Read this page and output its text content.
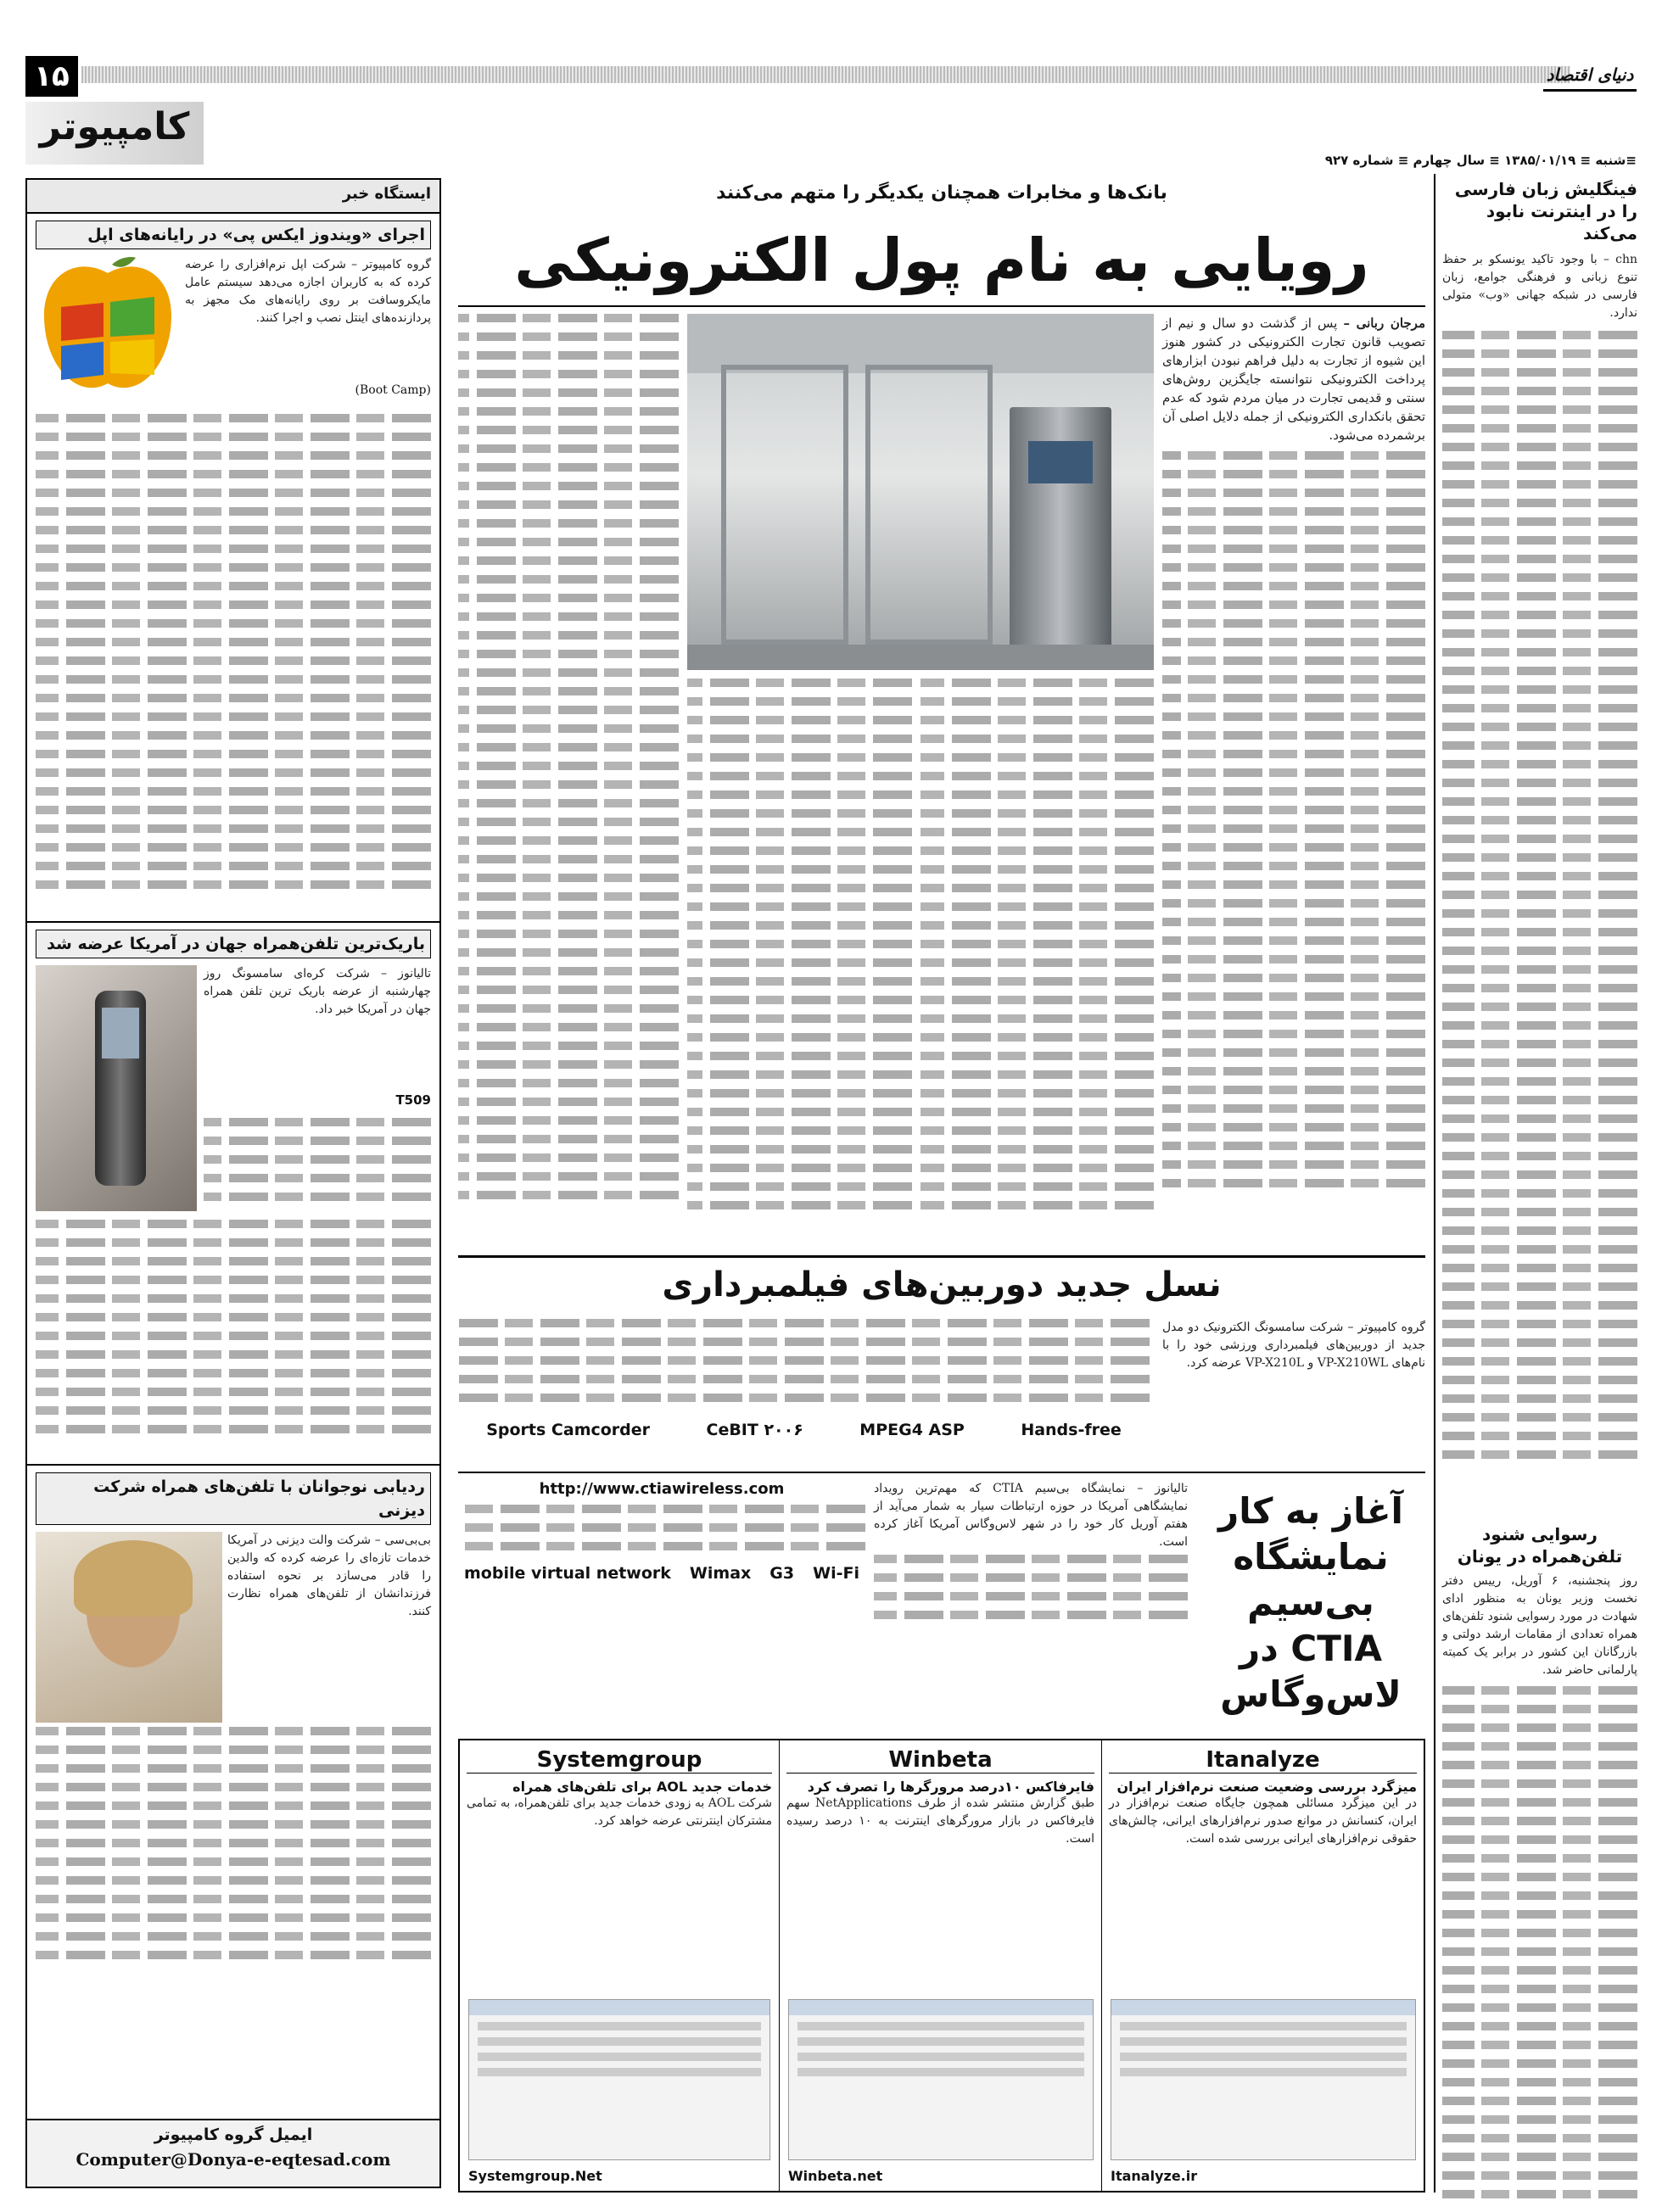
۱۵	دنیای اقتصاد
کامپیوتر
≡شنبه ≡ ۱۳۸۵/۰۱/۱۹ ≡ سال چهارم ≡ شماره ۹۲۷
فینگلیش زبان فارسی را در اینترنت نابود می‌کند
chn – با وجود تاکید یونسکو بر حفظ تنوع زبانی و فرهنگی جوامع، زبان فارسی در شبکه جهانی «وب» متولی ندارد.
رسوایی شنود تلفن‌همراه در یونان
روز پنجشنبه، ۶ آوریل، رییس دفتر نخست وزیر یونان به منظور ادای شهادت در مورد رسوایی شنود تلفن‌های همراه تعدادی از مقامات ارشد دولتی و بازرگانان این کشور در برابر یک کمیته پارلمانی حاضر شد.
ایستگاه خبر
اجرای «ویندوز ایکس پی» در رایانه‌های اپل
گروه کامپیوتر – شرکت اپل نرم‌افزاری را عرضه کرده که به کاربران اجازه می‌دهد سیستم عامل مایکروسافت بر روی رایانه‌های مک مجهز به پردازنده‌های اینتل نصب و اجرا کنند.
(Boot Camp)
باریک‌ترین تلفن‌همراه جهان در آمریکا عرضه شد
تالیانوز – شرکت کره‌ای سامسونگ روز چهارشنبه از عرضه باریک ترین تلفن همراه جهان در آمریکا خبر داد.
T509
رد‌یابی نوجوانان با تلفن‌های همراه شرکت دیزنی
بی‌بی‌سی – شرکت والت دیزنی در آمریکا خدمات تازه‌ای را عرضه کرده که والدین را قادر می‌سازد بر نحوه استفاده فرزندانشان از تلفن‌های همراه نظارت کنند.
ایمیل گروه کامپیوتر
Computer@Donya-e-eqtesad.com
بانک‌ها و مخابرات همچنان یکدیگر را متهم می‌کنند
رویایی به نام پول الکترونیکی
مرجان ربانی – پس از گذشت دو سال و نیم از تصویب قانون تجارت الکترونیکی در کشور هنوز این شیوه از تجارت به دلیل فراهم نبودن ابزارهای پرداخت الکترونیکی نتوانسته جایگزین روش‌های سنتی و قدیمی تجارت در میان مردم شود که عدم تحقق بانکداری الکترونیکی از جمله دلایل اصلی آن برشمرده می‌شود.
نسل جدید دوربین‌های فیلمبرداری
گروه کامپیوتر – شرکت سامسونگ الکترونیک دو مدل جدید از دوربین‌های فیلمبرداری ورزشی خود را با نام‌های VP-X210WL و VP-X210L عرضه کرد.
Sports Camcorder	CeBIT ۲۰۰۶	MPEG4 ASP	Hands-free
آغاز به کار نمایشگاه بی‌سیم CTIA در لاس‌وگاس
تالیانوز – نمایشگاه بی‌سیم CTIA که مهم‌ترین رویداد نمایشگاهی آمریکا در حوزه ارتباطات سیار به شمار می‌آید از هفتم آوریل کار خود را در شهر لاس‌وگاس آمریکا آغاز کرده است.
http://www.ctiawireless.com
mobile virtual network Wimax G3 Wi-Fi
Itanalyze
میزگرد بررسی وضعیت صنعت نرم‌افزار ایران
در این میزگرد مسائلی همچون جایگاه صنعت نرم‌افزار در ایران، کنسانش در موانع صدور نرم‌افزارهای ایرانی، چالش‌های حقوقی نرم‌افزارهای ایرانی بررسی شده است.
Itanalyze.ir
Winbeta
فایرفاکس ۱۰درصد مرورگرها را تصرف کرد
طبق گزارش منتشر شده از طرف NetApplications سهم فایرفاکس در بازار مرورگرهای اینترنت به ۱۰ درصد رسیده است.
Winbeta.net
Systemgroup
خدمات جدید AOL برای تلفن‌های همراه
شرکت AOL به زودی خدمات جدید برای تلفن‌همراه، به تمامی مشترکان اینترنتی عرضه خواهد کرد.
Systemgroup.Net
